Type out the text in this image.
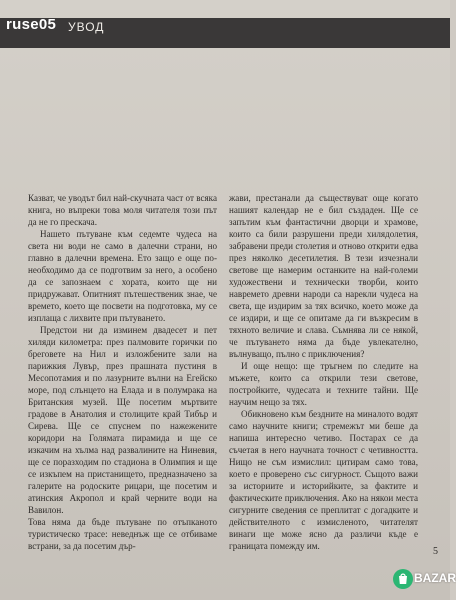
ruse05 УВОД

Казват, че уводът бил най-скучната част от всяка книга, но въпреки това моля читателя този път да не го прескача.

Нашето пътуване към седемте чудеса на света ни води не само в далечни страни, но главно в далечни времена. Ето защо е още по-необходимо да се подготвим за него, а особено да се запознаем с хората, които ще ни придружават. Опитният пътешественик знае, че времето, което ще посвети на подготовка, му се изплаща с лихвите при пътуването.

Предстои ни да изминем двадесет и пет хиляди километра: през палмовите горички по бреговете на Нил и изложбените зали на парижкия Лувър, през прашната пустиня в Месопотамия и по лазурните вълни на Егейско море, под слънцето на Елада и в полумрака на Британския музей. Ще посетим мъртвите градове в Анатолия и столиците край Тибър и Сирева. Ще се спуснем по нажежените коридори на Голямата пирамида и ще се изкачим на хълма над развалините на Ниневия, ще се поразходим по стадиона в Олимпия и ще се изкъпем на пристанището, предназначено за галерите на родоските рицари, ще посетим и атинския Акропол и край черните води на Вавилон.

Това няма да бъде пътуване по отъпканото туристическо трасе: неведнъж ще се отбиваме встрани, за да посетим дър-

жави, престанали да съществуват още когато нашият календар не е бил създаден. Ще се запътим към фантастични дворци и храмове, които са били разрушени преди хилядолетия, забравени преди столетия и отново открити едва през няколко десетилетия. В тези изчезнали светове ще намерим останките на най-големи художествени и технически творби, които навремето древни народи са нарекли чудеса на света, ще издирим за тях всичко, което може да се издири, и ще се опитаме да ги възкресим в тяхното величие и слава. Съмнява ли се някой, че пътуването няма да бъде увлекателно, вълнуващо, пълно с приключения?

И още нещо: ще тръгнем по следите на мъжете, които са открили тези светове, постройките, чудесата и техните тайни. Ще научим нещо за тях.

Обикновено към бездните на миналото водят само научните книги; стремежът ми беше да напиша интересно четиво. Постарах се да съчетая в него научната точност с четивността. Нищо не съм измислил: цитирам само това, което е проверено със сигурност. Същото важи за историите и историйките, за фактите и фактическите приключения. Ако на някои места сигурните сведения се преплитат с догадките и действителното с измисленото, читателят винаги ще може ясно да различи къде е границата помежду им.	5
BAZAR
